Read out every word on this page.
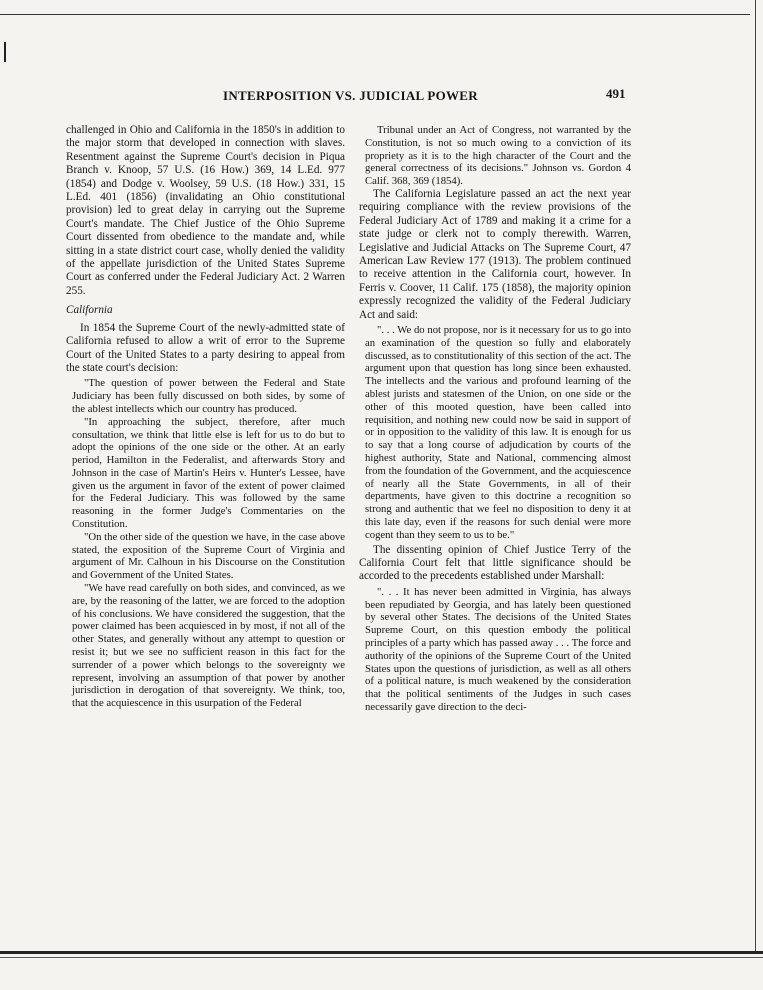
INTERPOSITION VS. JUDICIAL POWER	491

challenged in Ohio and California in the 1850's in addition to the major storm that developed in connection with slaves. Resentment against the Supreme Court's decision in Piqua Branch v. Knoop, 57 U.S. (16 How.) 369, 14 L.Ed. 977 (1854) and Dodge v. Woolsey, 59 U.S. (18 How.) 331, 15 L.Ed. 401 (1856) (invalidating an Ohio constitutional provision) led to great delay in carrying out the Supreme Court's mandate. The Chief Justice of the Ohio Supreme Court dissented from obedience to the mandate and, while sitting in a state district court case, wholly denied the validity of the appellate jurisdiction of the United States Supreme Court as conferred under the Federal Judiciary Act. 2 Warren 255.

California

In 1854 the Supreme Court of the newly-admitted state of California refused to allow a writ of error to the Supreme Court of the United States to a party desiring to appeal from the state court's decision:

"The question of power between the Federal and State Judiciary has been fully discussed on both sides, by some of the ablest intellects which our country has produced.

"In approaching the subject, therefore, after much consultation, we think that little else is left for us to do but to adopt the opinions of the one side or the other. At an early period, Hamilton in the Federalist, and afterwards Story and Johnson in the case of Martin's Heirs v. Hunter's Lessee, have given us the argument in favor of the extent of power claimed for the Federal Judiciary. This was followed by the same reasoning in the former Judge's Commentaries on the Constitution.

"On the other side of the question we have, in the case above stated, the exposition of the Supreme Court of Virginia and argument of Mr. Calhoun in his Discourse on the Constitution and Government of the United States.

"We have read carefully on both sides, and convinced, as we are, by the reasoning of the latter, we are forced to the adoption of his conclusions. We have considered the suggestion, that the power claimed has been acquiesced in by most, if not all of the other States, and generally without any attempt to question or resist it; but we see no sufficient reason in this fact for the surrender of a power which belongs to the sovereignty we represent, involving an assumption of that power by another jurisdiction in derogation of that sovereignty. We think, too, that the acquiescence in this usurpation of the Federal

Tribunal under an Act of Congress, not warranted by the Constitution, is not so much owing to a conviction of its propriety as it is to the high character of the Court and the general correctness of its decisions." Johnson vs. Gordon 4 Calif. 368, 369 (1854).

The California Legislature passed an act the next year requiring compliance with the review provisions of the Federal Judiciary Act of 1789 and making it a crime for a state judge or clerk not to comply therewith. Warren, Legislative and Judicial Attacks on The Supreme Court, 47 American Law Review 177 (1913). The problem continued to receive attention in the California court, however. In Ferris v. Coover, 11 Calif. 175 (1858), the majority opinion expressly recognized the validity of the Federal Judiciary Act and said:

". . . We do not propose, nor is it necessary for us to go into an examination of the question so fully and elaborately discussed, as to constitutionality of this section of the act. The argument upon that question has long since been exhausted. The intellects and the various and profound learning of the ablest jurists and statesmen of the Union, on one side or the other of this mooted question, have been called into requisition, and nothing new could now be said in support of or in opposition to the validity of this law. It is enough for us to say that a long course of adjudication by courts of the highest authority, State and National, commencing almost from the foundation of the Government, and the acquiescence of nearly all the State Governments, in all of their departments, have given to this doctrine a recognition so strong and authentic that we feel no disposition to deny it at this late day, even if the reasons for such denial were more cogent than they seem to us to be."

The dissenting opinion of Chief Justice Terry of the California Court felt that little significance should be accorded to the precedents established under Marshall:

". . . It has never been admitted in Virginia, has always been repudiated by Georgia, and has lately been questioned by several other States. The decisions of the United States Supreme Court, on this question embody the political principles of a party which has passed away . . . The force and authority of the opinions of the Supreme Court of the United States upon the questions of jurisdiction, as well as all others of a political nature, is much weakened by the consideration that the political sentiments of the Judges in such cases necessarily gave direction to the deci-
